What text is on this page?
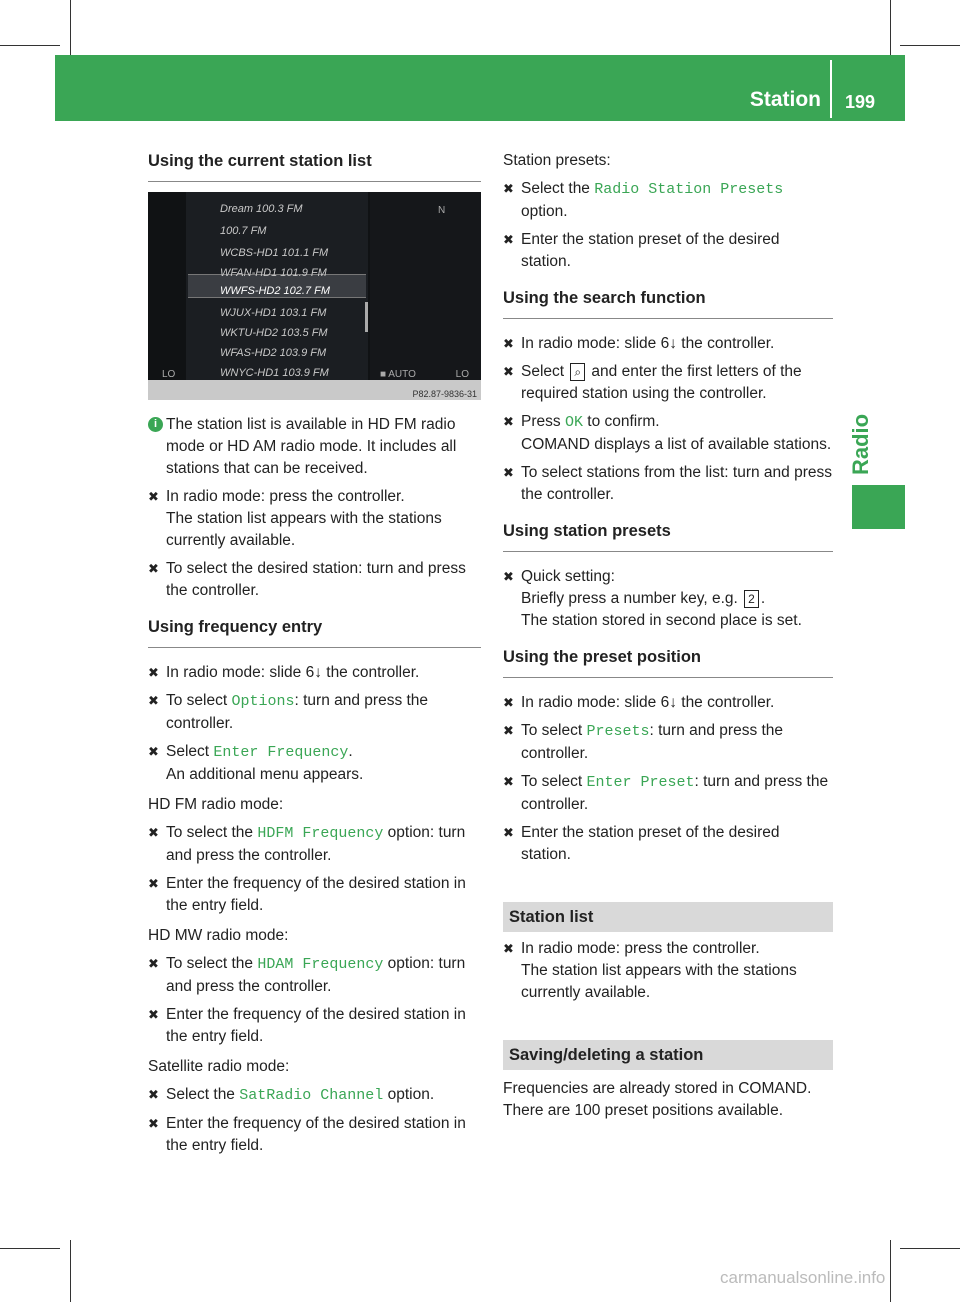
Station 199
Radio
Using the current station list
Dream 100.3 FM
100.7 FM
WCBS-HD1 101.1 FM
WFAN-HD1 101.9 FM
WWFS-HD2 102.7 FM
WJUX-HD1 103.1 FM
WKTU-HD2 103.5 FM
WFAS-HD2 103.9 FM
WNYC-HD1 103.9 FM
N
LO	■ AUTO	LO
P82.87-9836-31
i The station list is available in HD FM radio mode or HD AM radio mode. It includes all stations that can be received.
✖ In radio mode: press the controller.

The station list appears with the stations currently available.

✖ To select the desired station: turn and press the controller.

Using frequency entry
✖ In radio mode: slide 6↓ the controller.
✖ To select Options: turn and press the controller.
✖ Select Enter Frequency.

An additional menu appears.

HD FM radio mode:

✖ To select the HDFM Frequency option: turn and press the controller.
✖ Enter the frequency of the desired station in the entry field.

HD MW radio mode:

✖ To select the HDAM Frequency option: turn and press the controller.
✖ Enter the frequency of the desired station in the entry field.

Satellite radio mode:

✖ Select the SatRadio Channel option.
✖ Enter the frequency of the desired station in the entry field.

Station presets:

✖ Select the Radio Station Presets
option.
✖ Enter the station preset of the desired station.

Using the search function
✖ In radio mode: slide 6↓ the controller.
✖ Select ⌕ and enter the first letters of the required station using the controller.
✖ Press OK to confirm.

COMAND displays a list of available stations.

✖ To select stations from the list: turn and press the controller.

Using station presets
✖ Quick setting:

Briefly press a number key, e.g. 2 .

The station stored in second place is set.

Using the preset position
✖ In radio mode: slide 6↓ the controller.
✖ To select Presets: turn and press the controller.
✖ To select Enter Preset: turn and press the controller.
✖ Enter the station preset of the desired station.

Station list
✖ In radio mode: press the controller.

The station list appears with the stations currently available.

Saving/deleting a station

Frequencies are already stored in COMAND. There are 100 preset positions available.

carmanualsonline.info
